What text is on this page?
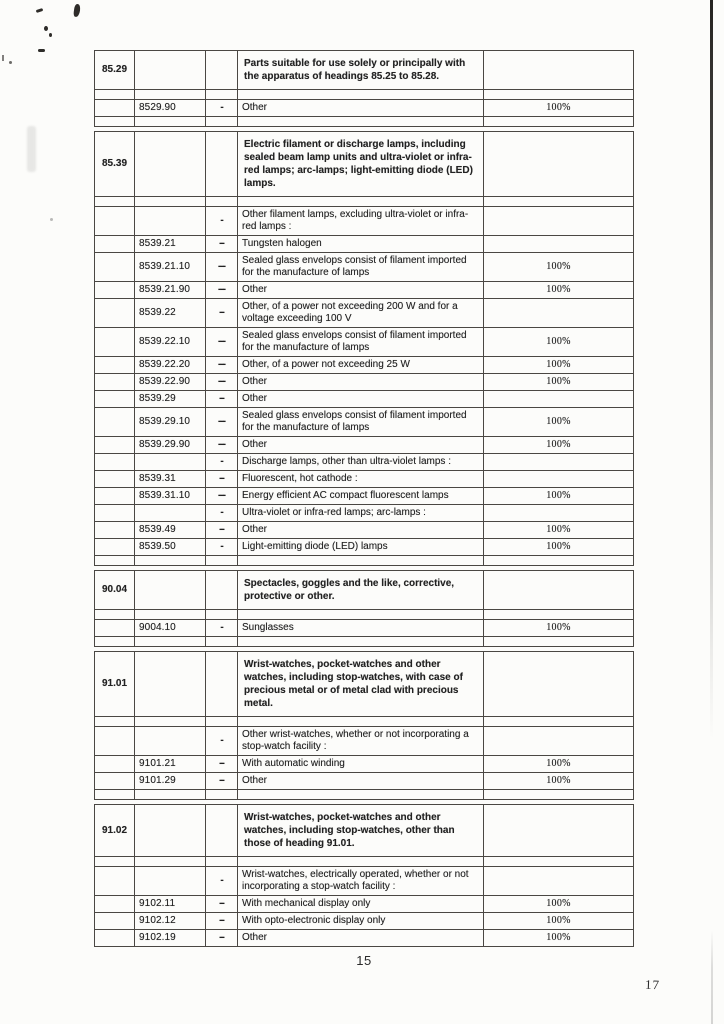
85.29			Parts suitable for use solely or principally with the apparatus of headings 85.25 to 85.28.	

	8529.90	-	Other	100%

85.39			Electric filament or discharge lamps, including sealed beam lamp units and ultra-violet or infra-red lamps; arc-lamps; light-emitting diode (LED) lamps.	

		-	Other filament lamps, excluding ultra-violet or infra-red lamps :	
	8539.21	--	Tungsten halogen	
	8539.21.10	---	Sealed glass envelops consist of filament imported for the manufacture of lamps	100%
	8539.21.90	---	Other	100%
	8539.22	--	Other, of a power not exceeding 200 W and for a voltage exceeding 100 V	
	8539.22.10	---	Sealed glass envelops consist of filament imported for the manufacture of lamps	100%
	8539.22.20	---	Other, of a power not exceeding 25 W	100%
	8539.22.90	---	Other	100%
	8539.29	--	Other	
	8539.29.10	---	Sealed glass envelops consist of filament imported for the manufacture of lamps	100%
	8539.29.90	---	Other	100%
		-	Discharge lamps, other than ultra-violet lamps :	
	8539.31	--	Fluorescent, hot cathode :	
	8539.31.10	---	Energy efficient AC compact fluorescent lamps	100%
		-	Ultra-violet or infra-red lamps; arc-lamps :	
	8539.49	--	Other	100%
	8539.50	-	Light-emitting diode (LED) lamps	100%

90.04			Spectacles, goggles and the like, corrective, protective or other.	

	9004.10	-	Sunglasses	100%

91.01			Wrist-watches, pocket-watches and other watches, including stop-watches, with case of precious metal or of metal clad with precious metal.	

		-	Other wrist-watches, whether or not incorporating a stop-watch facility :	
	9101.21	--	With automatic winding	100%
	9101.29	--	Other	100%

91.02			Wrist-watches, pocket-watches and other watches, including stop-watches, other than those of heading 91.01.	

		-	Wrist-watches, electrically operated, whether or not incorporating a stop-watch facility :	
	9102.11	--	With mechanical display only	100%
	9102.12	--	With opto-electronic display only	100%
	9102.19	--	Other	100%
15
17
